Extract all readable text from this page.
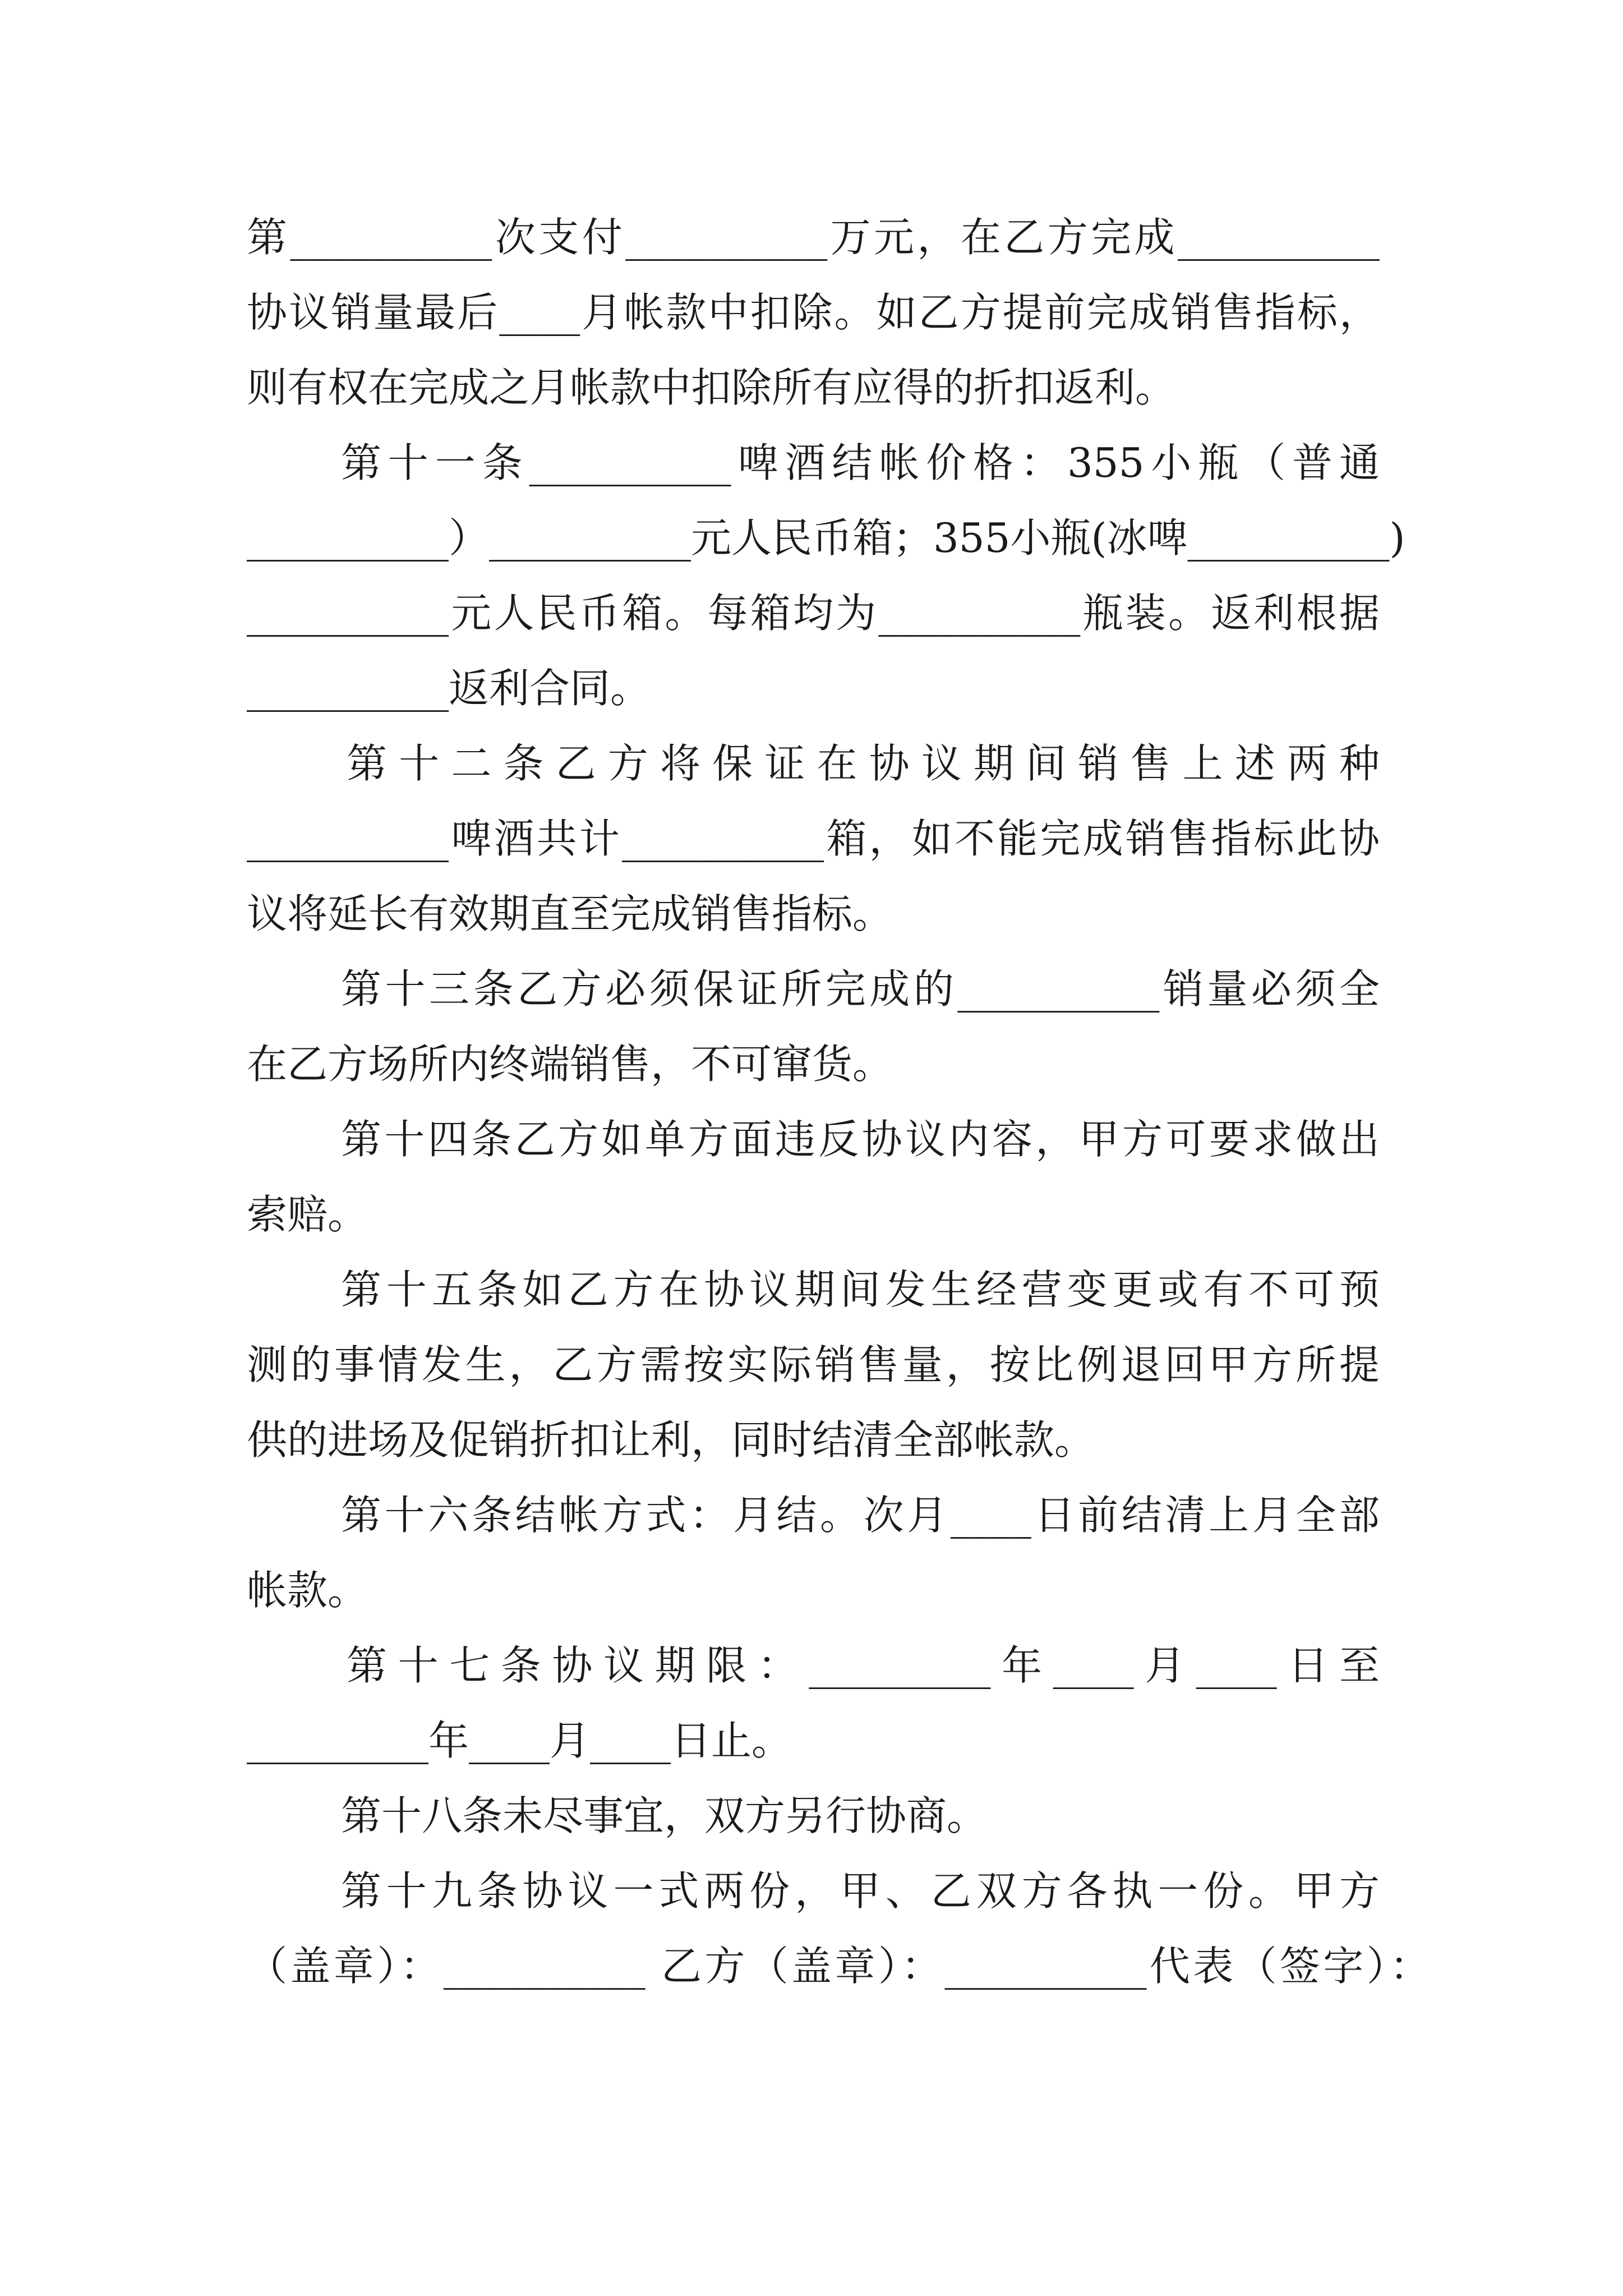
第__________次支付__________万元，在乙方完成__________
协议销量最后____月帐款中扣除。如乙方提前完成销售指标，
则有权在完成之月帐款中扣除所有应得的折扣返利。
第十一条__________啤酒结帐价格：355小瓶（普通
__________）__________元人民币箱；355小瓶(冰啤__________)
__________元人民币箱。每箱均为__________瓶装。返利根据
__________返利合同。
第十二条乙方将保证在协议期间销售上述两种
__________啤酒共计__________箱，如不能完成销售指标此协
议将延长有效期直至完成销售指标。
第十三条乙方必须保证所完成的__________销量必须全
在乙方场所内终端销售，不可窜货。
第十四条乙方如单方面违反协议内容，甲方可要求做出
索赔。
第十五条如乙方在协议期间发生经营变更或有不可预
测的事情发生，乙方需按实际销售量，按比例退回甲方所提
供的进场及促销折扣让利，同时结清全部帐款。
第十六条结帐方式：月结。次月____日前结清上月全部
帐款。
第十七条协议期限：_________年____月____日至
_________年____月____日止。
第十八条未尽事宜，双方另行协商。
第十九条协议一式两份，甲、乙双方各执一份。甲方
（盖章）：__________ 乙方（盖章）：__________代表（签字）：
